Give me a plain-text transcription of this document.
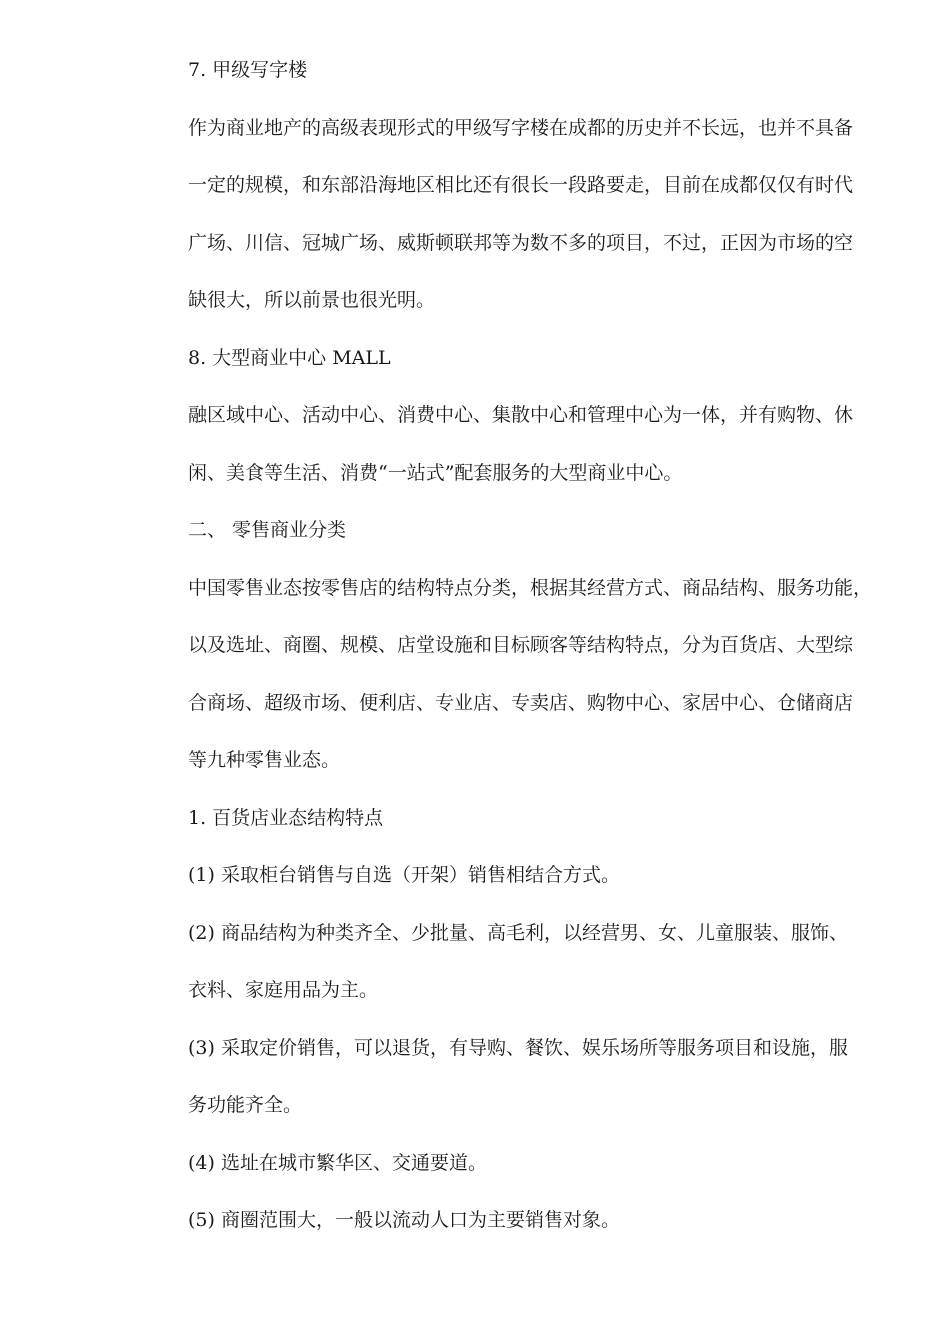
7. 甲级写字楼
作为商业地产的高级表现形式的甲级写字楼在成都的历史并不长远，也并不具备
一定的规模，和东部沿海地区相比还有很长一段路要走，目前在成都仅仅有时代
广场、川信、冠城广场、威斯顿联邦等为数不多的项目，不过，正因为市场的空
缺很大，所以前景也很光明。
8. 大型商业中心 MALL
融区域中心、活动中心、消费中心、集散中心和管理中心为一体，并有购物、休
闲、美食等生活、消费“一站式”配套服务的大型商业中心。
二、 零售商业分类
中国零售业态按零售店的结构特点分类，根据其经营方式、商品结构、服务功能，
以及选址、商圈、规模、店堂设施和目标顾客等结构特点，分为百货店、大型综
合商场、超级市场、便利店、专业店、专卖店、购物中心、家居中心、仓储商店
等九种零售业态。
1. 百货店业态结构特点
(1) 采取柜台销售与自选（开架）销售相结合方式。
(2) 商品结构为种类齐全、少批量、高毛利，以经营男、女、儿童服装、服饰、
衣料、家庭用品为主。
(3) 采取定价销售，可以退货，有导购、餐饮、娱乐场所等服务项目和设施，服
务功能齐全。
(4) 选址在城市繁华区、交通要道。
(5) 商圈范围大，一般以流动人口为主要销售对象。
